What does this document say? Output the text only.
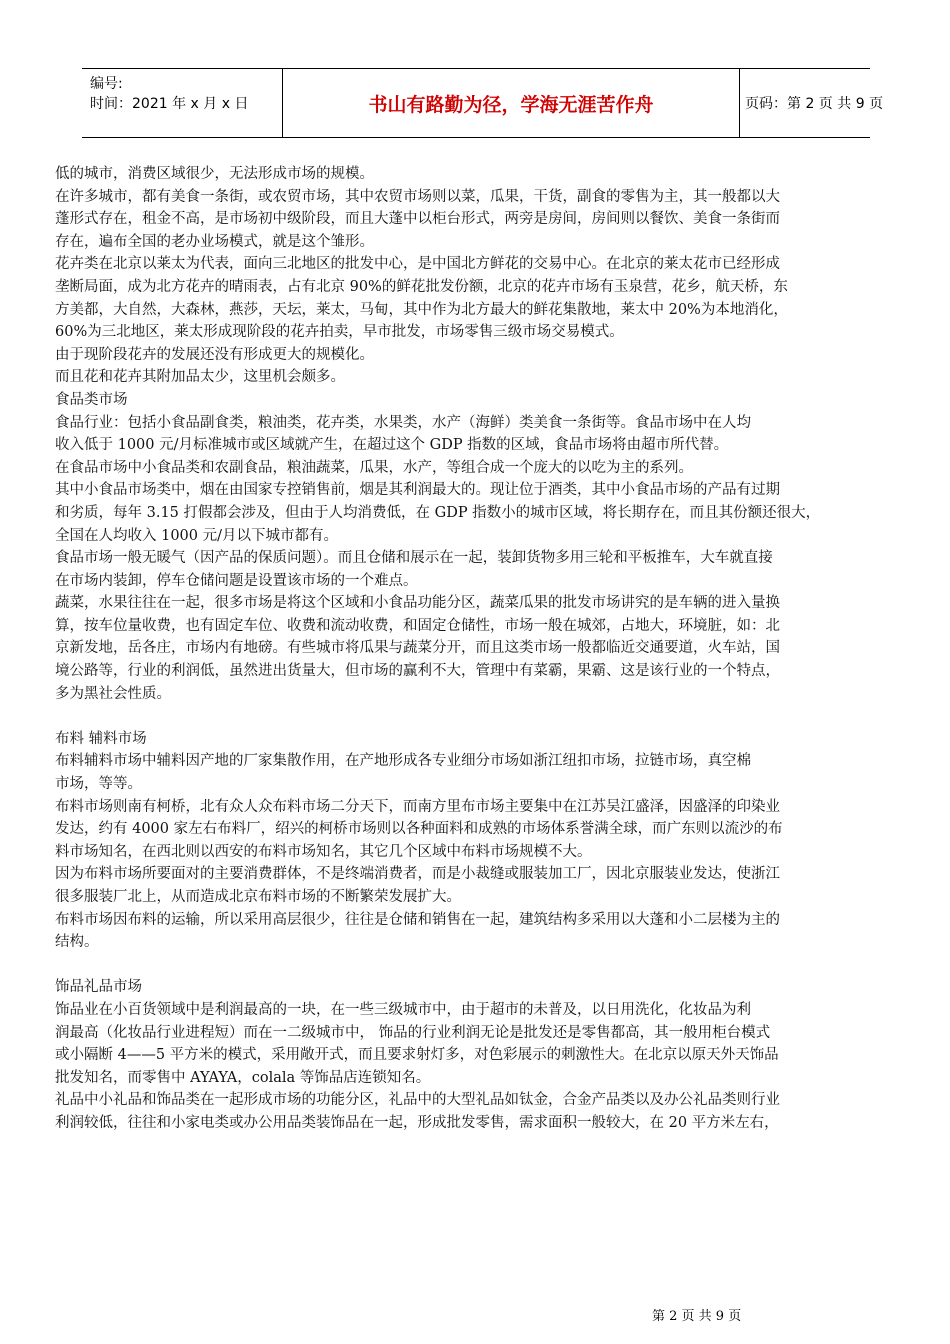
编号:
时间：2021 年 x 月 x 日	书山有路勤为径，学海无涯苦作舟	页码：第 2 页 共 9 页
低的城市，消费区域很少，无法形成市场的规模。
在许多城市，都有美食一条街，或农贸市场，其中农贸市场则以菜，瓜果，干货，副食的零售为主，其一般都以大
蓬形式存在，租金不高，是市场初中级阶段，而且大蓬中以柜台形式，两旁是房间，房间则以餐饮、美食一条街而
存在，遍布全国的老办业场模式，就是这个雏形。
花卉类在北京以莱太为代表，面向三北地区的批发中心，是中国北方鲜花的交易中心。在北京的莱太花市已经形成
垄断局面，成为北方花卉的晴雨表，占有北京 90%的鲜花批发份额，北京的花卉市场有玉泉营，花乡，航天桥，东
方美都，大自然，大森林，燕莎，天坛，莱太，马甸，其中作为北方最大的鲜花集散地，莱太中 20%为本地消化，
60%为三北地区，莱太形成现阶段的花卉拍卖，早市批发，市场零售三级市场交易模式。
由于现阶段花卉的发展还没有形成更大的规模化。
而且花和花卉其附加品太少，这里机会颇多。
食品类市场
食品行业：包括小食品副食类，粮油类，花卉类，水果类，水产（海鲜）类美食一条街等。食品市场中在人均
收入低于 1000 元/月标准城市或区域就产生，在超过这个 GDP 指数的区域，食品市场将由超市所代替。
在食品市场中小食品类和农副食品，粮油蔬菜，瓜果，水产，等组合成一个庞大的以吃为主的系列。
其中小食品市场类中，烟在由国家专控销售前，烟是其利润最大的。现让位于酒类，其中小食品市场的产品有过期
和劣质，每年 3.15 打假都会涉及，但由于人均消费低，在 GDP 指数小的城市区域，将长期存在，而且其份额还很大，
全国在人均收入 1000 元/月以下城市都有。
食品市场一般无暖气（因产品的保质问题）。而且仓储和展示在一起，装卸货物多用三轮和平板推车，大车就直接
在市场内装卸，停车仓储问题是设置该市场的一个难点。
蔬菜，水果往往在一起，很多市场是将这个区域和小食品功能分区，蔬菜瓜果的批发市场讲究的是车辆的进入量换
算，按车位量收费，也有固定车位、收费和流动收费，和固定仓储性，市场一般在城郊，占地大，环境脏，如：北
京新发地，岳各庄，市场内有地磅。有些城市将瓜果与蔬菜分开，而且这类市场一般都临近交通要道，火车站，国
境公路等，行业的利润低，虽然进出货量大，但市场的赢利不大，管理中有菜霸，果霸、这是该行业的一个特点，
多为黑社会性质。
布料 辅料市场
布料辅料市场中辅料因产地的厂家集散作用，在产地形成各专业细分市场如浙江纽扣市场，拉链市场，真空棉
市场，等等。
布料市场则南有柯桥，北有众人众布料市场二分天下，而南方里布市场主要集中在江苏吴江盛泽，因盛泽的印染业
发达，约有 4000 家左右布料厂，绍兴的柯桥市场则以各种面料和成熟的市场体系誉满全球，而广东则以流沙的布
料市场知名，在西北则以西安的布料市场知名，其它几个区域中布料市场规模不大。
因为布料市场所要面对的主要消费群体，不是终端消费者，而是小裁缝或服装加工厂，因北京服装业发达，使浙江
很多服装厂北上，从而造成北京布料市场的不断繁荣发展扩大。
布料市场因布料的运输，所以采用高层很少，往往是仓储和销售在一起，建筑结构多采用以大蓬和小二层楼为主的
结构。
饰品礼品市场
饰品业在小百货领域中是利润最高的一块，在一些三级城市中，由于超市的未普及，以日用洗化，化妆品为利
润最高（化妆品行业进程短）而在一二级城市中， 饰品的行业利润无论是批发还是零售都高，其一般用柜台模式
或小隔断 4——5 平方米的模式，采用敞开式，而且要求射灯多，对色彩展示的刺激性大。在北京以原天外天饰品
批发知名，而零售中 AYAYA，colala 等饰品店连锁知名。
礼品中小礼品和饰品类在一起形成市场的功能分区，礼品中的大型礼品如钛金，合金产品类以及办公礼品类则行业
利润较低，往往和小家电类或办公用品类装饰品在一起，形成批发零售，需求面积一般较大，在 20 平方米左右，
第 2 页 共 9 页
